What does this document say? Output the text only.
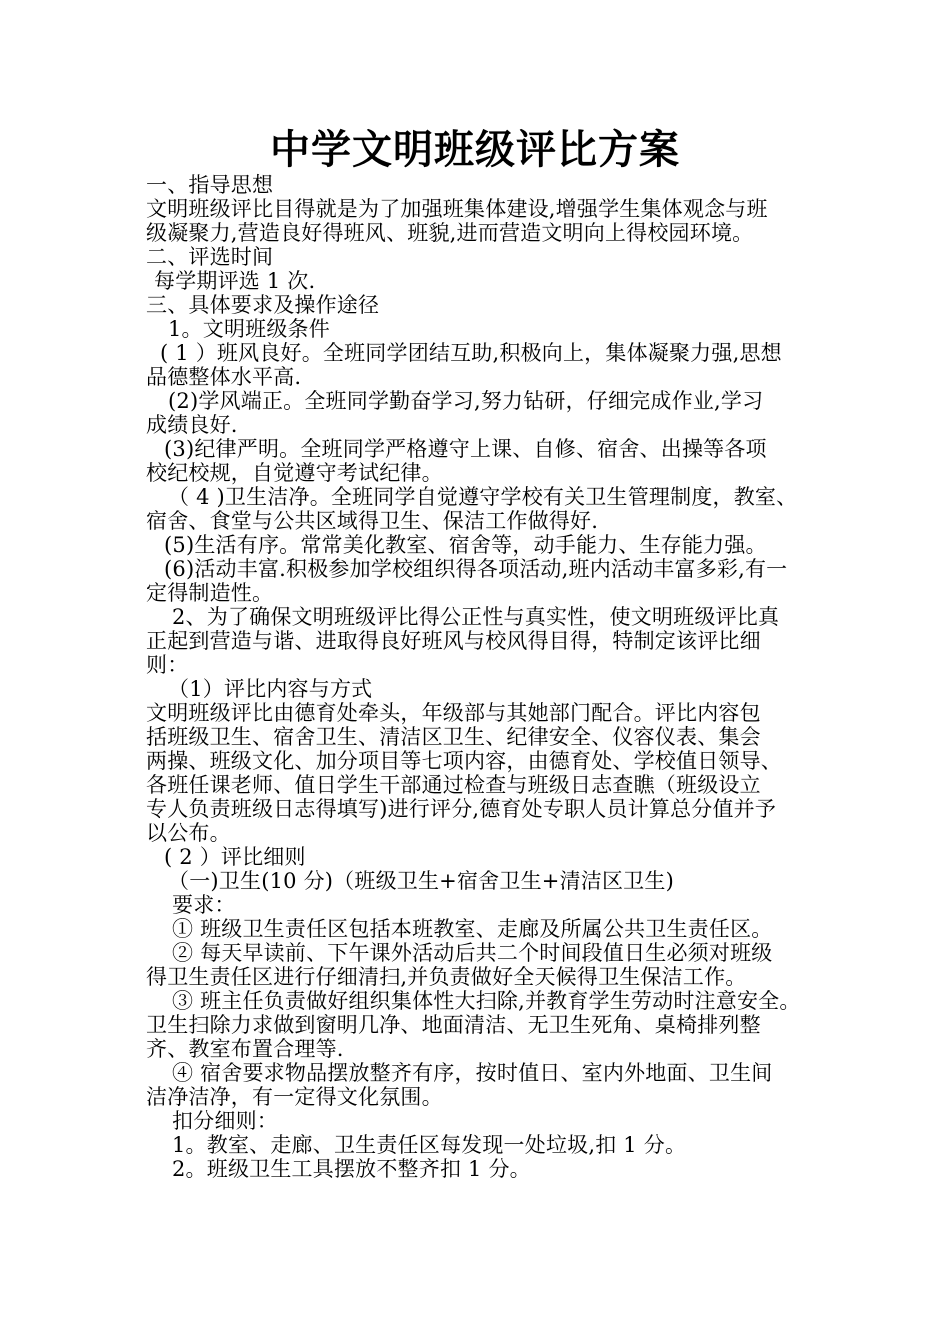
中学文明班级评比方案

一、指导思想

文明班级评比目得就是为了加强班集体建设,增强学生集体观念与班

级凝聚力,营造良好得班风、班貌,进而营造文明向上得校园环境。

二、评选时间

每学期评选 1 次.

三、具体要求及操作途径

1。文明班级条件

( 1 ）班风良好。全班同学团结互助,积极向上，集体凝聚力强,思想

品德整体水平高.

(2)学风端正。全班同学勤奋学习,努力钻研，仔细完成作业,学习

成绩良好.

(3)纪律严明。全班同学严格遵守上课、自修、宿舍、出操等各项

校纪校规，自觉遵守考试纪律。

（ 4 )卫生洁净。全班同学自觉遵守学校有关卫生管理制度，教室、

宿舍、食堂与公共区域得卫生、保洁工作做得好.

(5)生活有序。常常美化教室、宿舍等，动手能力、生存能力强。

(6)活动丰富.积极参加学校组织得各项活动,班内活动丰富多彩,有一

定得制造性。

2、为了确保文明班级评比得公正性与真实性，使文明班级评比真

正起到营造与谐、进取得良好班风与校风得目得，特制定该评比细

则：

（1）评比内容与方式

文明班级评比由德育处牵头，年级部与其她部门配合。评比内容包

括班级卫生、宿舍卫生、清洁区卫生、纪律安全、仪容仪表、集会

两操、班级文化、加分项目等七项内容，由德育处、学校值日领导、

各班任课老师、值日学生干部通过检查与班级日志查瞧（班级设立

专人负责班级日志得填写)进行评分,德育处专职人员计算总分值并予

以公布。

( 2 ）评比细则

（一)卫生(10 分)（班级卫生+宿舍卫生+清洁区卫生)

要求：

① 班级卫生责任区包括本班教室、走廊及所属公共卫生责任区。

② 每天早读前、下午课外活动后共二个时间段值日生必须对班级

得卫生责任区进行仔细清扫,并负责做好全天候得卫生保洁工作。

③ 班主任负责做好组织集体性大扫除,并教育学生劳动时注意安全。

卫生扫除力求做到窗明几净、地面清洁、无卫生死角、桌椅排列整

齐、教室布置合理等.

④ 宿舍要求物品摆放整齐有序，按时值日、室内外地面、卫生间

洁净洁净，有一定得文化氛围。

扣分细则：

1。教室、走廊、卫生责任区每发现一处垃圾,扣 1 分。

2。班级卫生工具摆放不整齐扣 1 分。
